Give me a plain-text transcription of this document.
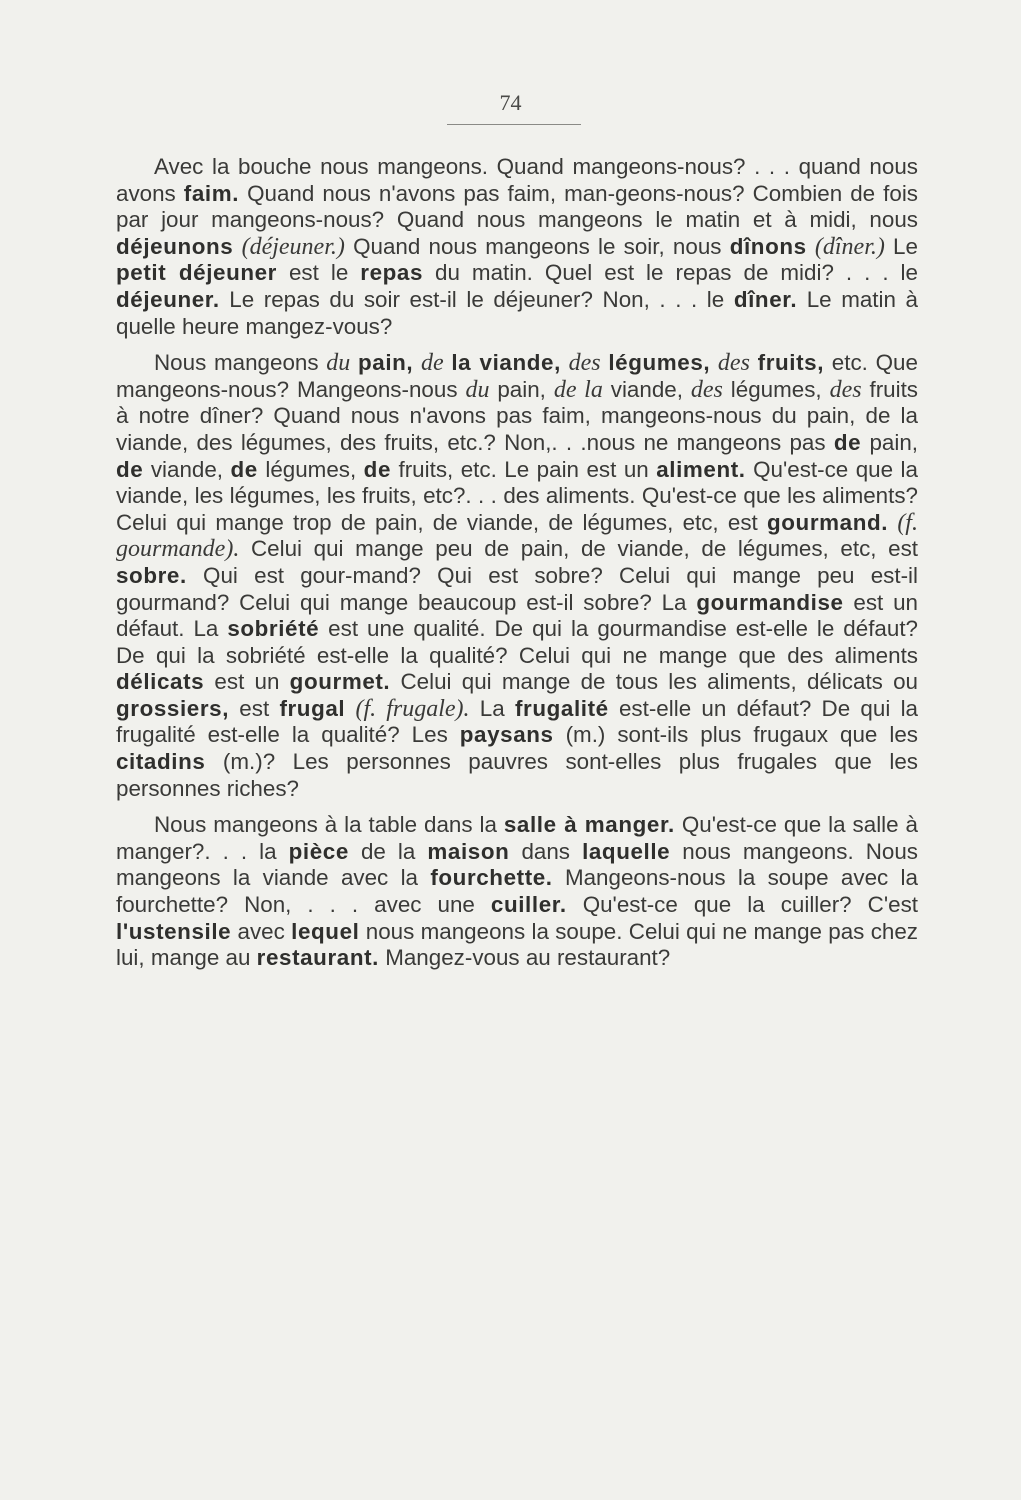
74

Avec la bouche nous mangeons. Quand mangeons-nous? . . . quand nous avons faim. Quand nous n'avons pas faim, man-geons-nous? Combien de fois par jour mangeons-nous? Quand nous mangeons le matin et à midi, nous déjeunons (déjeuner.) Quand nous mangeons le soir, nous dînons (dîner.) Le petit déjeuner est le repas du matin. Quel est le repas de midi? . . . le déjeuner. Le repas du soir est-il le déjeuner? Non, . . . le dîner. Le matin à quelle heure mangez-vous?

Nous mangeons du pain, de la viande, des légumes, des fruits, etc. Que mangeons-nous? Mangeons-nous du pain, de la viande, des légumes, des fruits à notre dîner? Quand nous n'avons pas faim, mangeons-nous du pain, de la viande, des légumes, des fruits, etc.? Non,. . .nous ne mangeons pas de pain, de viande, de légumes, de fruits, etc. Le pain est un aliment. Qu'est-ce que la viande, les légumes, les fruits, etc?. . . des aliments. Qu'est-ce que les aliments? Celui qui mange trop de pain, de viande, de légumes, etc, est gourmand. (f. gourmande). Celui qui mange peu de pain, de viande, de légumes, etc, est sobre. Qui est gour-mand? Qui est sobre? Celui qui mange peu est-il gourmand? Celui qui mange beaucoup est-il sobre? La gourmandise est un défaut. La sobriété est une qualité. De qui la gourmandise est-elle le défaut? De qui la sobriété est-elle la qualité? Celui qui ne mange que des aliments délicats est un gourmet. Celui qui mange de tous les aliments, délicats ou grossiers, est frugal (f. frugale). La frugalité est-elle un défaut? De qui la frugalité est-elle la qualité? Les paysans (m.) sont-ils plus frugaux que les citadins (m.)? Les personnes pauvres sont-elles plus frugales que les personnes riches?

Nous mangeons à la table dans la salle à manger. Qu'est-ce que la salle à manger?. . . la pièce de la maison dans laquelle nous mangeons. Nous mangeons la viande avec la fourchette. Mangeons-nous la soupe avec la fourchette? Non, . . . avec une cuiller. Qu'est-ce que la cuiller? C'est l'ustensile avec lequel nous mangeons la soupe. Celui qui ne mange pas chez lui, mange au restaurant. Mangez-vous au restaurant?
